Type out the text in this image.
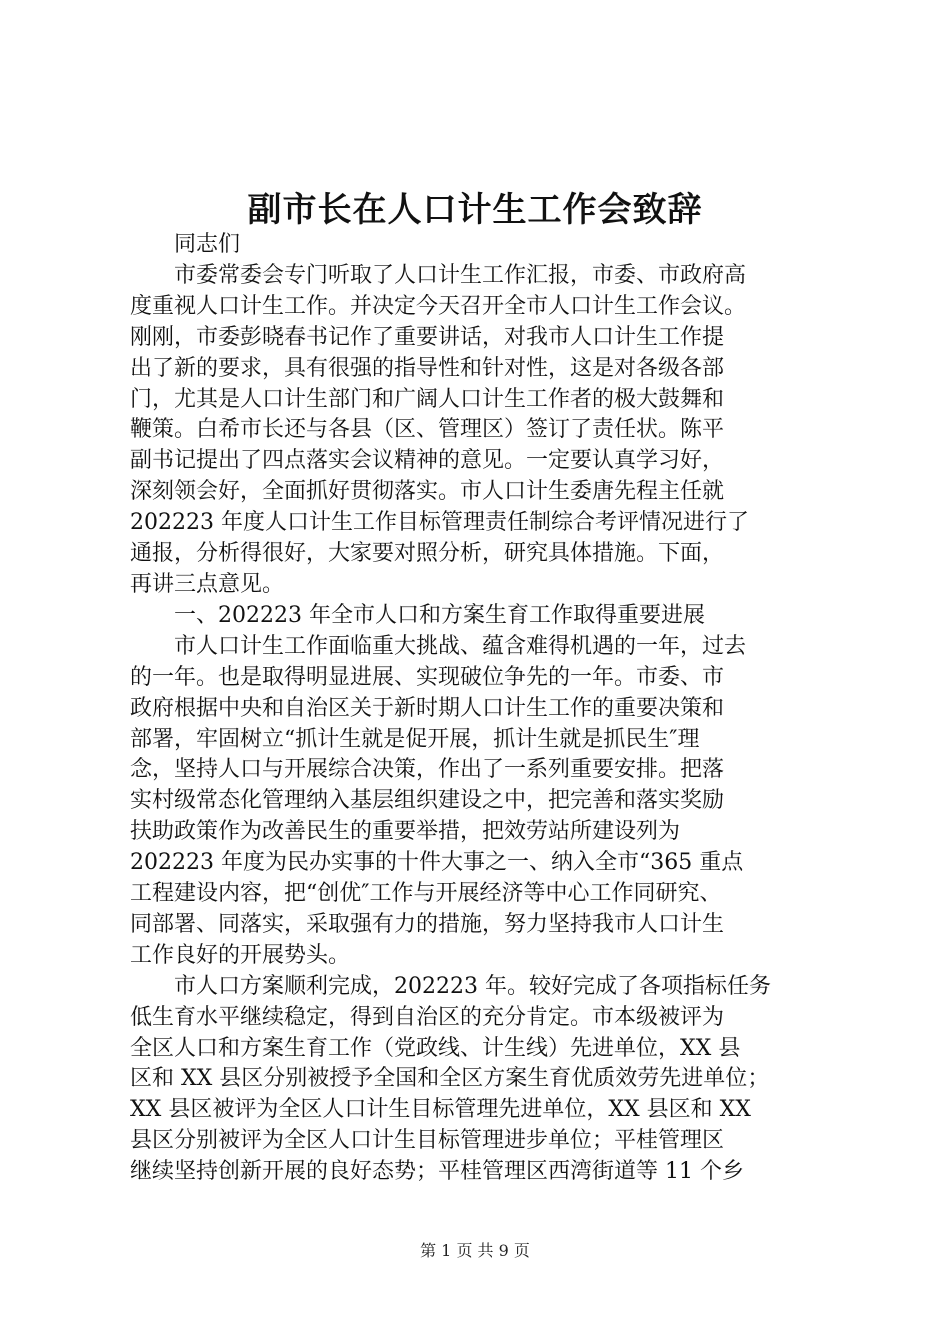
副市长在人口计生工作会致辞

　　同志们

　　市委常委会专门听取了人口计生工作汇报，市委、市政府高

度重视人口计生工作。并决定今天召开全市人口计生工作会议。

刚刚，市委彭晓春书记作了重要讲话，对我市人口计生工作提

出了新的要求，具有很强的指导性和针对性，这是对各级各部

门，尤其是人口计生部门和广阔人口计生工作者的极大鼓舞和

鞭策。白希市长还与各县（区、管理区）签订了责任状。陈平

副书记提出了四点落实会议精神的意见。一定要认真学习好，

深刻领会好，全面抓好贯彻落实。市人口计生委唐先程主任就

202223 年度人口计生工作目标管理责任制综合考评情况进行了

通报，分析得很好，大家要对照分析，研究具体措施。下面，

再讲三点意见。

　　一、202223 年全市人口和方案生育工作取得重要进展

　　市人口计生工作面临重大挑战、蕴含难得机遇的一年，过去

的一年。也是取得明显进展、实现破位争先的一年。市委、市

政府根据中央和自治区关于新时期人口计生工作的重要决策和

部署，牢固树立“抓计生就是促开展，抓计生就是抓民生″理

念，坚持人口与开展综合决策，作出了一系列重要安排。把落

实村级常态化管理纳入基层组织建设之中，把完善和落实奖励

扶助政策作为改善民生的重要举措，把效劳站所建设列为

202223 年度为民办实事的十件大事之一、纳入全市“365 重点

工程建设内容，把“创优″工作与开展经济等中心工作同研究、

同部署、同落实，采取强有力的措施，努力坚持我市人口计生

工作良好的开展势头。

　　市人口方案顺利完成，202223 年。较好完成了各项指标任务

低生育水平继续稳定，得到自治区的充分肯定。市本级被评为

全区人口和方案生育工作（党政线、计生线）先进单位，XX 县

区和 XX 县区分别被授予全国和全区方案生育优质效劳先进单位；

XX 县区被评为全区人口计生目标管理先进单位，XX 县区和 XX

县区分别被评为全区人口计生目标管理进步单位；平桂管理区

继续坚持创新开展的良好态势；平桂管理区西湾街道等 11 个乡

第 1 页 共 9 页
